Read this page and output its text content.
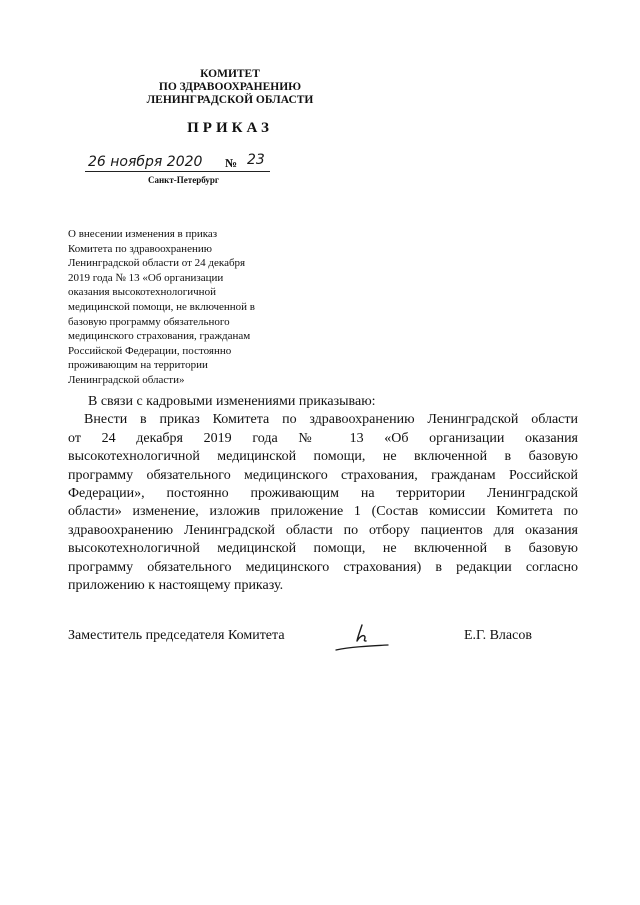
КОМИТЕТ
ПО ЗДРАВООХРАНЕНИЮ
ЛЕНИНГРАДСКОЙ ОБЛАСТИ
ПРИКАЗ
26 ноября 2020 № 23
Санкт-Петербург
О внесении изменения в приказ
Комитета по здравоохранению
Ленинградской области от 24 декабря
2019 года № 13 «Об организации
оказания высокотехнологичной
медицинской помощи, не включенной в
базовую программу обязательного
медицинского страхования, гражданам
Российской Федерации, постоянно
проживающим на территории
Ленинградской области»
В связи с кадровыми изменениями приказываю:
Внести в приказ Комитета по здравоохранению Ленинградской области
от 24 декабря 2019 года № 13 «Об организации оказания
высокотехнологичной медицинской помощи, не включенной в базовую
программу обязательного медицинского страхования, гражданам Российской
Федерации», постоянно проживающим на территории Ленинградской
области» изменение, изложив приложение 1 (Состав комиссии Комитета по
здравоохранению Ленинградской области по отбору пациентов для оказания
высокотехнологичной медицинской помощи, не включенной в базовую
программу обязательного медицинского страхования) в редакции согласно
приложению к настоящему приказу.
Заместитель председателя Комитета	Е.Г. Власов
